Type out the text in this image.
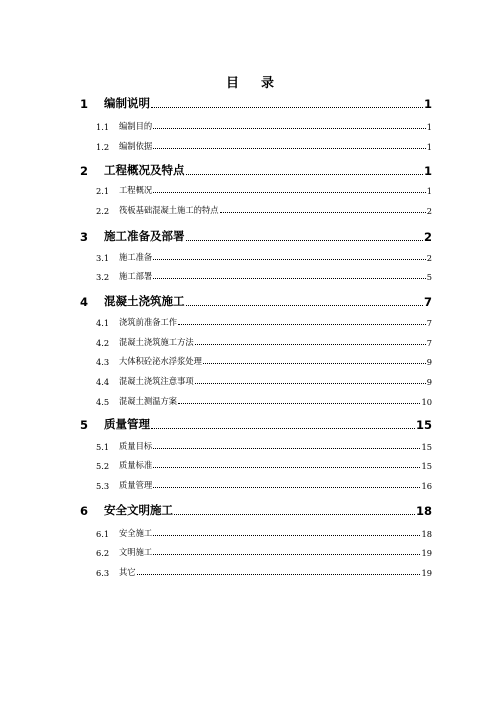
目 录
1	编制说明	1
1.1	编制目的	1
1.2	编制依据	1
2	工程概况及特点	1
2.1	工程概况	1
2.2	筏板基础混凝土施工的特点	2
3	施工准备及部署	2
3.1	施工准备	2
3.2	施工部署	5
4	混凝土浇筑施工	7
4.1	浇筑前准备工作	7
4.2	混凝土浇筑施工方法	7
4.3	大体积砼泌水浮浆处理	9
4.4	混凝土浇筑注意事项	9
4.5	混凝土测温方案	10
5	质量管理	15
5.1	质量目标	15
5.2	质量标准	15
5.3	质量管理	16
6	安全文明施工	18
6.1	安全施工	18
6.2	文明施工	19
6.3	其它	19
